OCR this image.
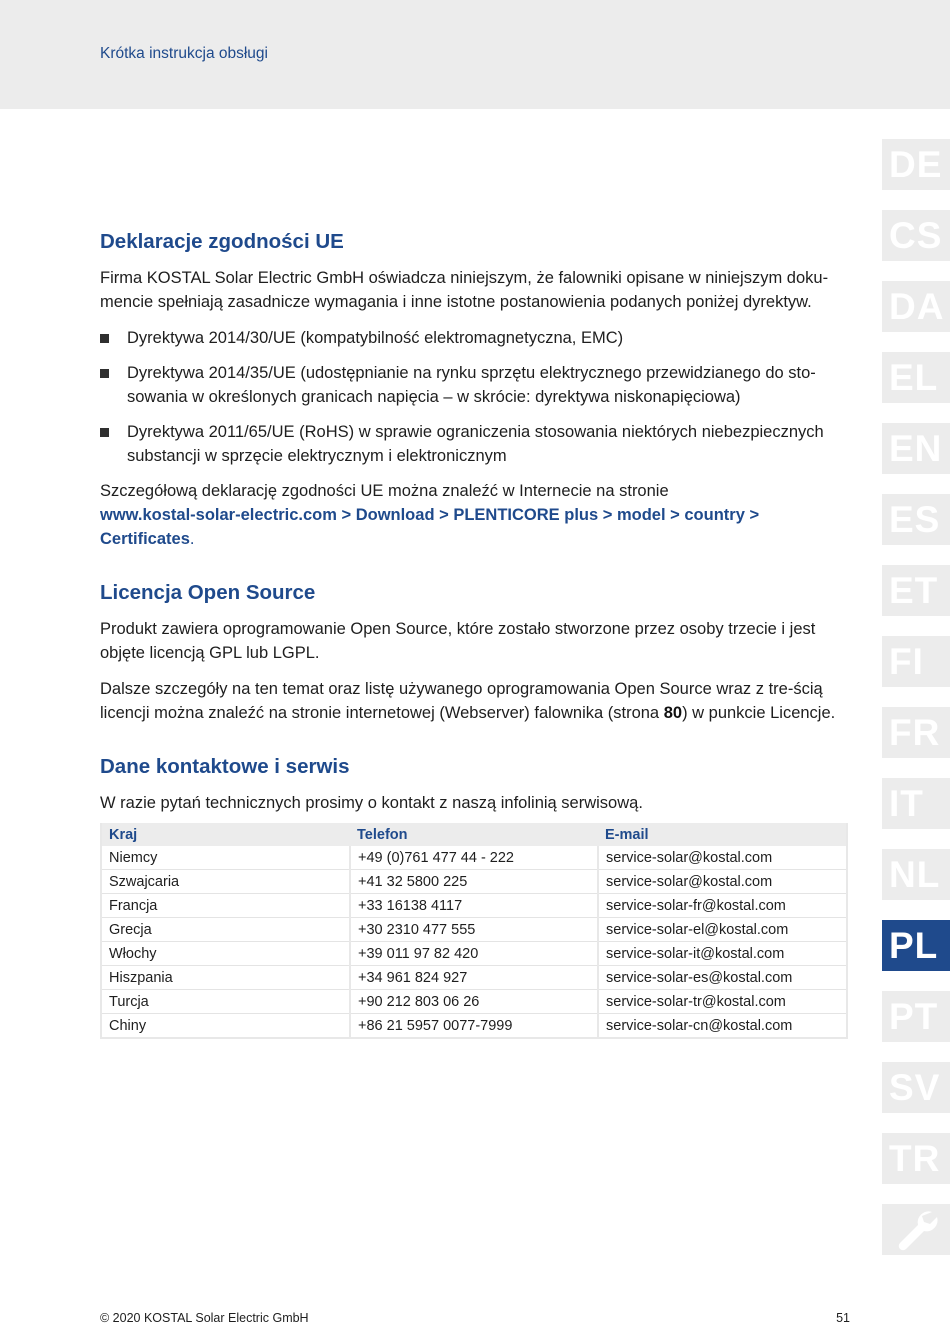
Krótka instrukcja obsługi
Deklaracje zgodności UE

Firma KOSTAL Solar Electric GmbH oświadcza niniejszym, że falowniki opisane w niniejszym doku-mencie spełniają zasadnicze wymagania i inne istotne postanowienia podanych poniżej dyrektyw.

Dyrektywa 2014/30/UE (kompatybilność elektromagnetyczna, EMC)
Dyrektywa 2014/35/UE (udostępnianie na rynku sprzętu elektrycznego przewidzianego do sto-sowania w określonych granicach napięcia – w skrócie: dyrektywa niskonapięciowa)
Dyrektywa 2011/65/UE (RoHS) w sprawie ograniczenia stosowania niektórych niebezpiecznych substancji w sprzęcie elektrycznym i elektronicznym

Szczegółową deklarację zgodności UE można znaleźć w Internecie na stronie
www.kostal-solar-electric.com > Download > PLENTICORE plus > model > country > Certificates.

Licencja Open Source

Produkt zawiera oprogramowanie Open Source, które zostało stworzone przez osoby trzecie i jest objęte licencją GPL lub LGPL.

Dalsze szczegóły na ten temat oraz listę używanego oprogramowania Open Source wraz z tre-ścią licencji można znaleźć na stronie internetowej (Webserver) falownika (strona 80) w punkcie Licencje.

Dane kontaktowe i serwis

W razie pytań technicznych prosimy o kontakt z naszą infolinią serwisową.

Kraj	Telefon	E-mail
Niemcy	+49 (0)761 477 44 - 222	service-solar@kostal.com
Szwajcaria	+41 32 5800 225	service-solar@kostal.com
Francja	+33 16138 4117	service-solar-fr@kostal.com
Grecja	+30 2310 477 555	service-solar-el@kostal.com
Włochy	+39 011 97 82 420	service-solar-it@kostal.com
Hiszpania	+34 961 824 927	service-solar-es@kostal.com
Turcja	+90 212 803 06 26	service-solar-tr@kostal.com
Chiny	+86 21 5957 0077-7999	service-solar-cn@kostal.com
DE
CS
DA
EL
EN
ES
ET
FI
FR
IT
NL
PL
PT
SV
TR
© 2020 KOSTAL Solar Electric GmbH	51
